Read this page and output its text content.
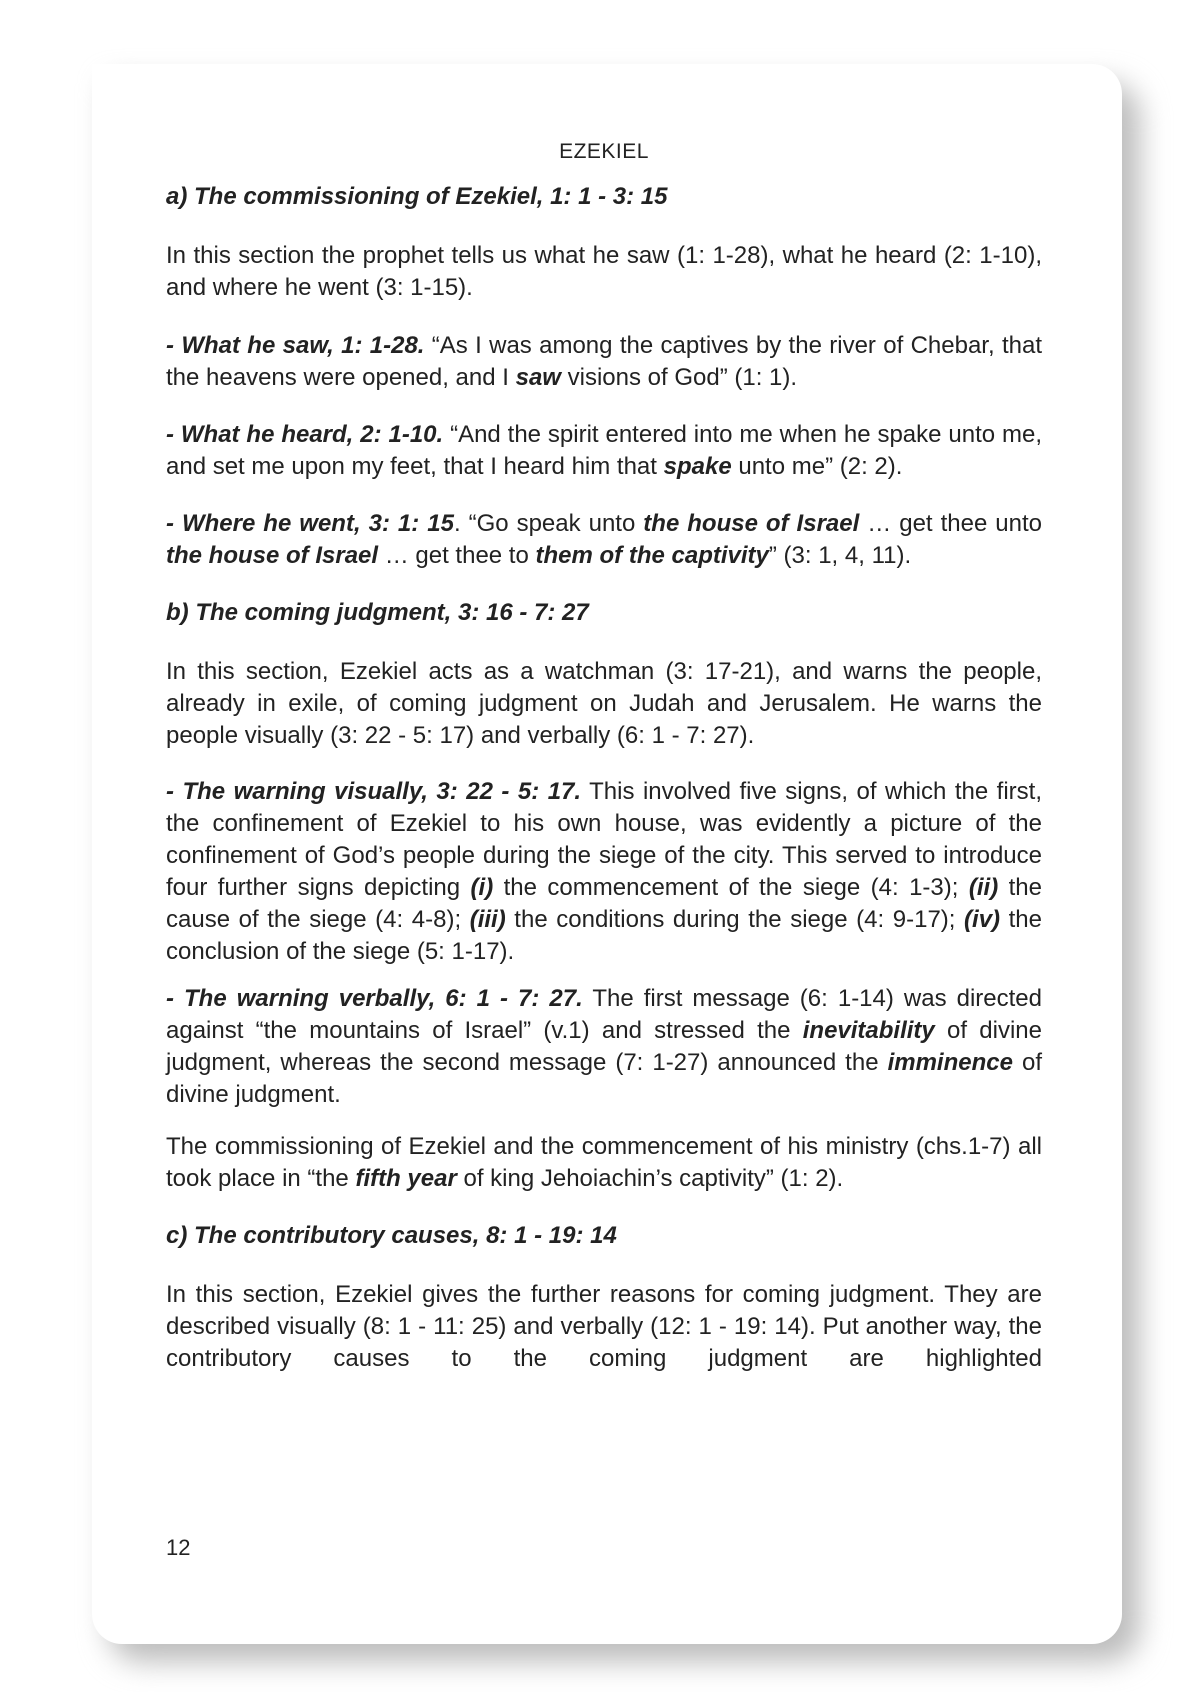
EZEKIEL
a) The commissioning of Ezekiel, 1: 1 - 3: 15

In this section the prophet tells us what he saw (1: 1-28), what he heard (2: 1-10), and where he went (3: 1-15).

- What he saw, 1: 1-28. “As I was among the captives by the river of Chebar, that the heavens were opened, and I saw visions of God” (1: 1).

- What he heard, 2: 1-10. “And the spirit entered into me when he spake unto me, and set me upon my feet, that I heard him that spake unto me” (2: 2).

- Where he went, 3: 1: 15. “Go speak unto the house of Israel … get thee unto the house of Israel … get thee to them of the captivity” (3: 1, 4, 11).

b) The coming judgment, 3: 16 - 7: 27

In this section, Ezekiel acts as a watchman (3: 17-21), and warns the people, already in exile, of coming judgment on Judah and Jerusalem. He warns the people visually (3: 22 - 5: 17) and verbally (6: 1 - 7: 27).

- The warning visually, 3: 22 - 5: 17. This involved five signs, of which the first, the confinement of Ezekiel to his own house, was evidently a picture of the confinement of God’s people during the siege of the city. This served to introduce four further signs depicting (i) the commencement of the siege (4: 1-3); (ii) the cause of the siege (4: 4-8); (iii) the conditions during the siege (4: 9-17); (iv) the conclusion of the siege (5: 1-17).

- The warning verbally, 6: 1 - 7: 27. The first message (6: 1-14) was directed against “the mountains of Israel” (v.1) and stressed the inevitability of divine judgment, whereas the second message (7: 1-27) announced the imminence of divine judgment.

The commissioning of Ezekiel and the commencement of his ministry (chs.1-7) all took place in “the fifth year of king Jehoiachin’s captivity” (1: 2).

c) The contributory causes, 8: 1 - 19: 14

In this section, Ezekiel gives the further reasons for coming judgment. They are described visually (8: 1 - 11: 25) and verbally (12: 1 - 19: 14). Put another way, the contributory causes to the coming judgment are highlighted

12
